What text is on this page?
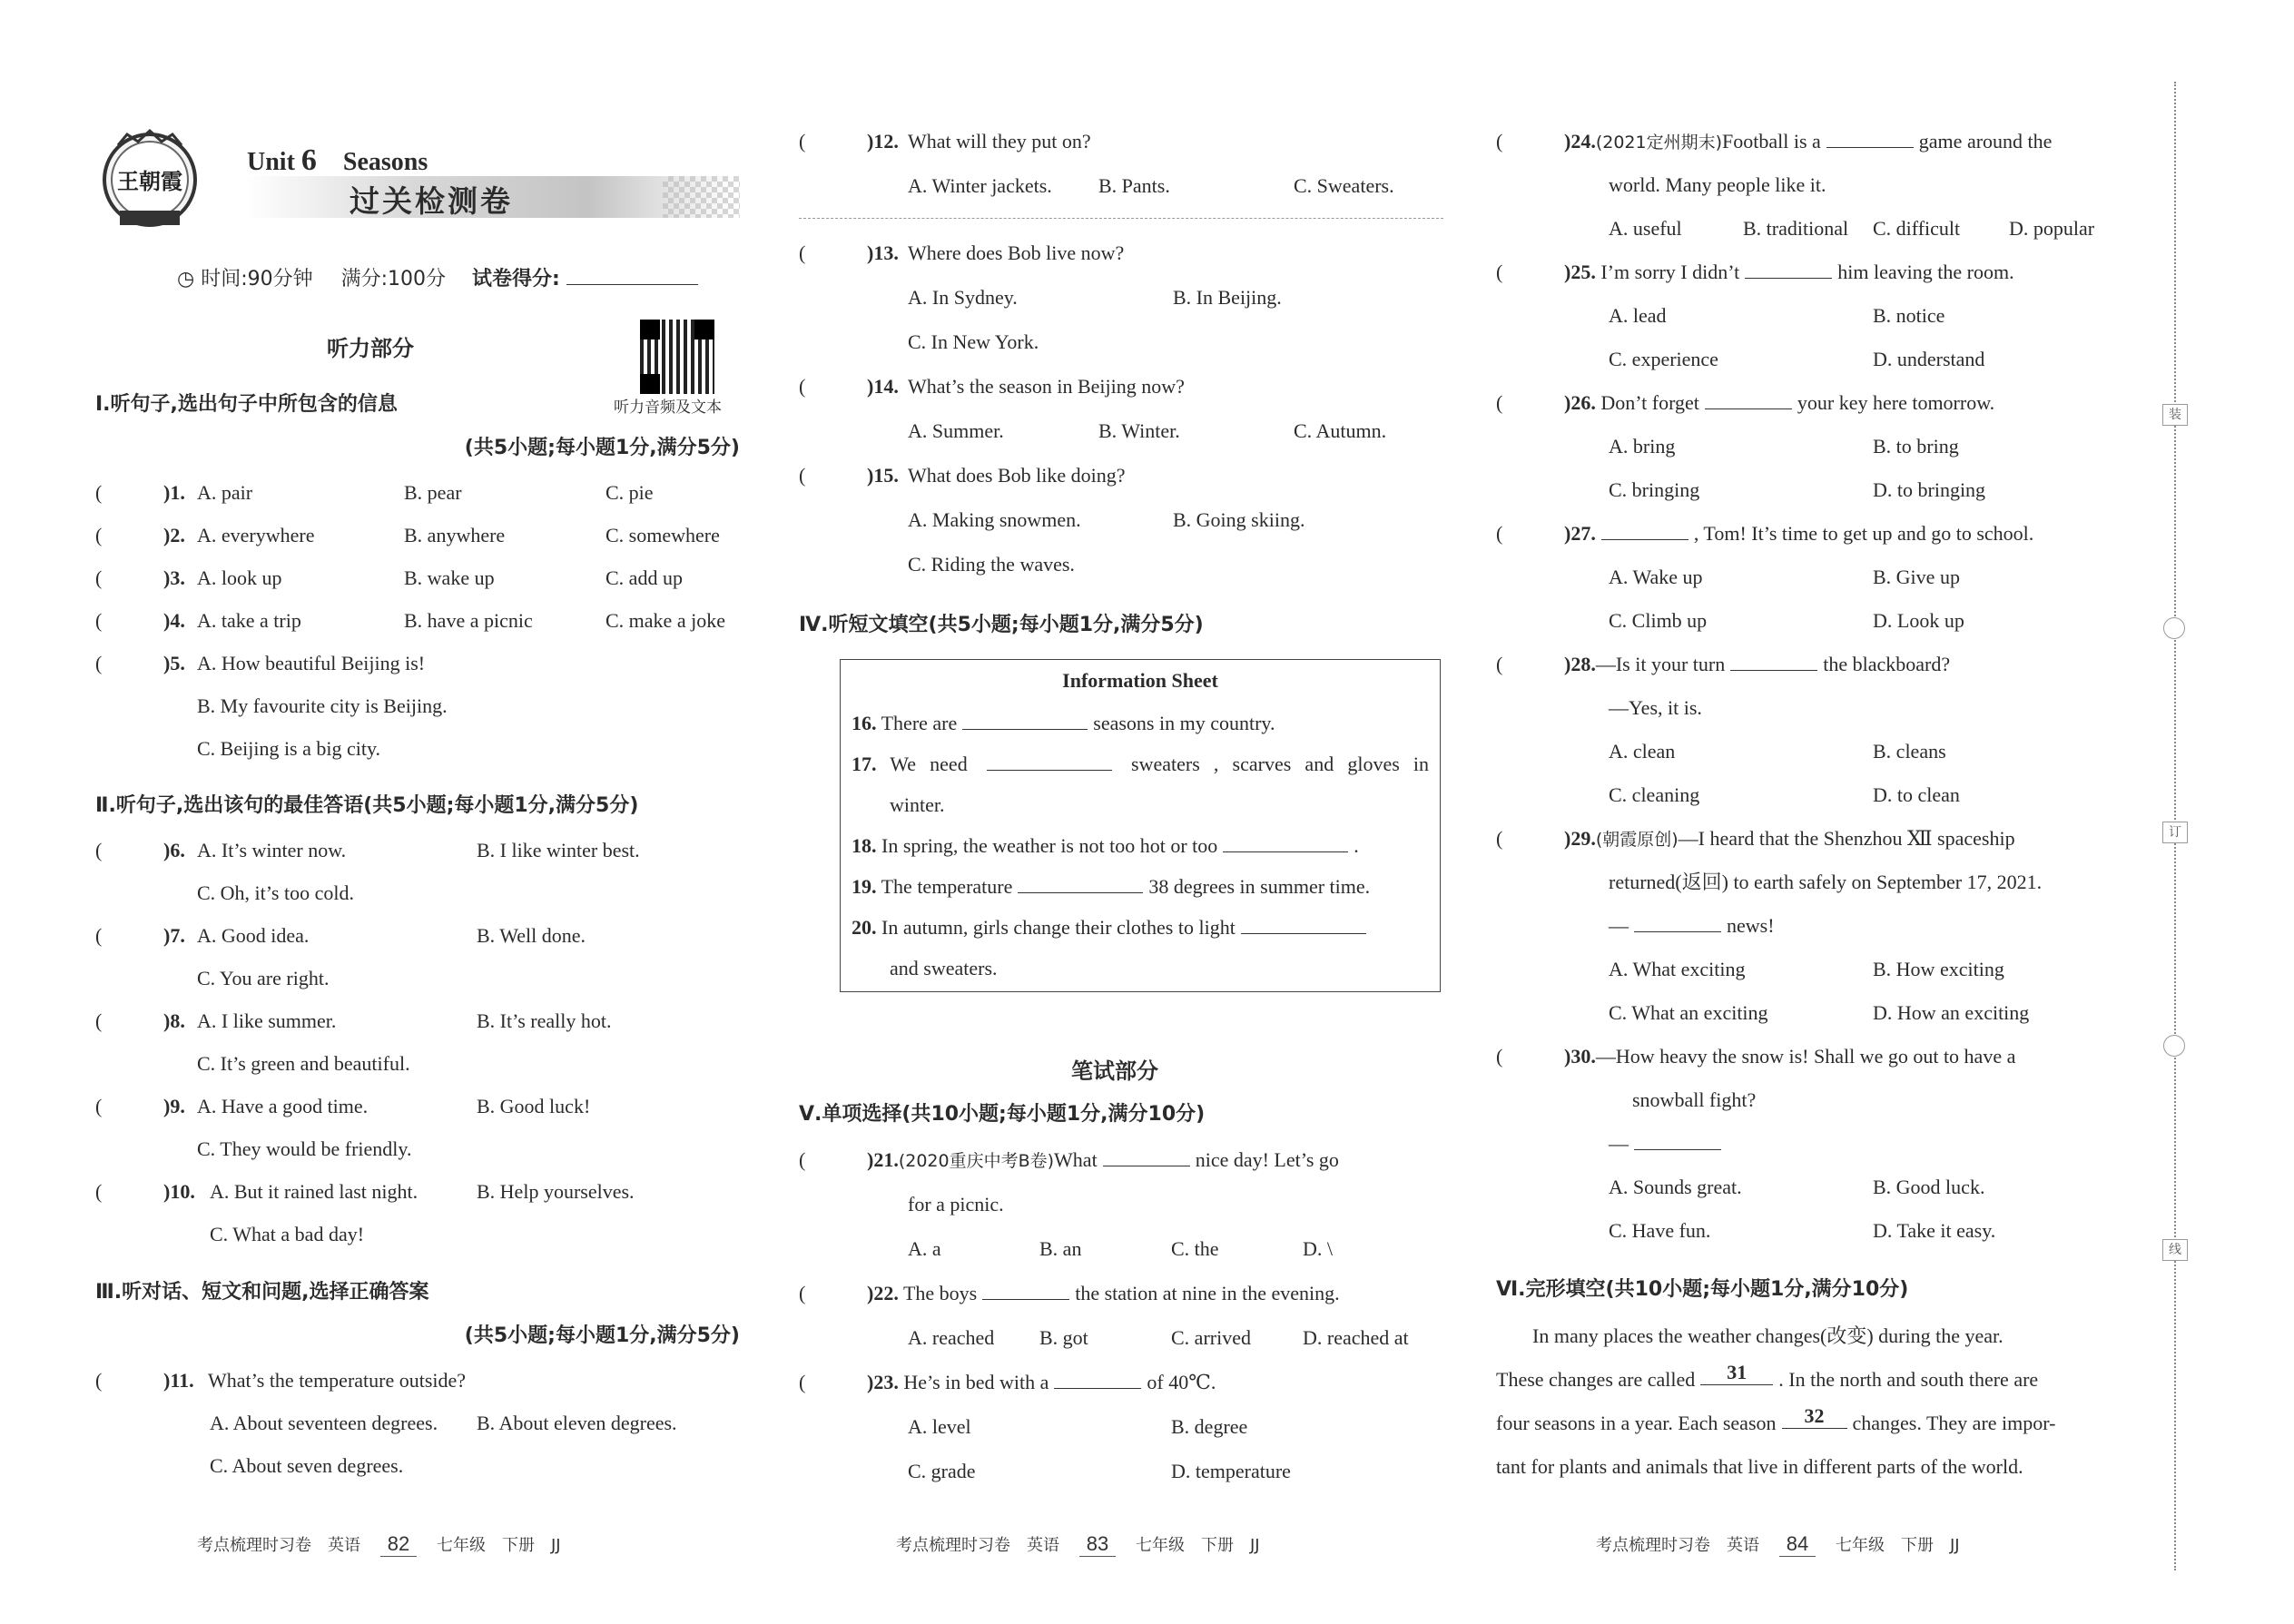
王朝霞
Unit 6 Seasons
过关检测卷
◷ 时间:90分钟 满分:100分 试卷得分:
听力部分
听力音频及文本
Ⅰ.听句子,选出句子中所包含的信息
(共5小题;每小题1分,满分5分)
(	)1. A. pair	B. pear	C. pie
(	)2. A. everywhere	B. anywhere	C. somewhere
(	)3. A. look up	B. wake up	C. add up
(	)4. A. take a trip	B. have a picnic	C. make a joke
(	)5. A. How beautiful Beijing is!
B. My favourite city is Beijing.
C. Beijing is a big city.
Ⅱ.听句子,选出该句的最佳答语(共5小题;每小题1分,满分5分)
(	)6. A. It’s winter now.	B. I like winter best.
C. Oh, it’s too cold.
(	)7. A. Good idea.	B. Well done.
C. You are right.
(	)8. A. I like summer.	B. It’s really hot.
C. It’s green and beautiful.
(	)9. A. Have a good time.	B. Good luck!
C. They would be friendly.
(	)10. A. But it rained last night.	B. Help yourselves.
C. What a bad day!
Ⅲ.听对话、短文和问题,选择正确答案
(共5小题;每小题1分,满分5分)
(	)11. What’s the temperature outside?
A. About seventeen degrees. B. About eleven degrees.
C. About seven degrees.
考点梳理时习卷　英语 82 七年级　下册　JJ
(	)12. What will they put on?
A. Winter jackets. B. Pants.	C. Sweaters.
(	)13. Where does Bob live now?
A. In Sydney.	B. In Beijing.
C. In New York.
(	)14. What’s the season in Beijing now?
A. Summer.	B. Winter.	C. Autumn.
(	)15. What does Bob like doing?
A. Making snowmen.	B. Going skiing.
C. Riding the waves.
Ⅳ.听短文填空(共5小题;每小题1分,满分5分)
Information Sheet
16. There are	seasons in my country.
17. We need	sweaters , scarves and gloves in
winter.
18. In spring, the weather is not too hot or too	.
19. The temperature	38 degrees in summer time.
20. In autumn, girls change their clothes to light
and sweaters.
笔试部分
Ⅴ.单项选择(共10小题;每小题1分,满分10分)
(	)21.(2020重庆中考B卷)What	nice day! Let’s go
for a picnic.
A. a	B. an	C. the	D. \
(	)22. The boys	the station at nine in the evening.
A. reached B. got	C. arrived	D. reached at
(	)23. He’s in bed with a	of 40℃.
A. level	B. degree
C. grade	D. temperature
考点梳理时习卷　英语 83 七年级　下册　JJ
(	)24.(2021定州期末)Football is a	game around the
world. Many people like it.
A. useful	B. traditional C. difficult D. popular
(	)25. I’m sorry I didn’t	him leaving the room.
A. lead	B. notice
C. experience	D. understand
(	)26. Don’t forget	your key here tomorrow.
A. bring	B. to bring
C. bringing	D. to bringing
(	)27.	, Tom! It’s time to get up and go to school.
A. Wake up	B. Give up
C. Climb up	D. Look up
(	)28.—Is it your turn	the blackboard?
—Yes, it is.
A. clean	B. cleans
C. cleaning	D. to clean
(	)29.(朝霞原创)—I heard that the Shenzhou Ⅻ spaceship
returned(返回) to earth safely on September 17, 2021.
—	news!
A. What exciting	B. How exciting
C. What an exciting	D. How an exciting
(	)30.—How heavy the snow is! Shall we go out to have a
snowball fight?
—
A. Sounds great.	B. Good luck.
C. Have fun.	D. Take it easy.
Ⅵ.完形填空(共10小题;每小题1分,满分10分)
In many places the weather changes(改变) during the year.
These changes are called 31 . In the north and south there are
four seasons in a year. Each season 32 changes. They are impor-
tant for plants and animals that live in different parts of the world.
考点梳理时习卷　英语 84 七年级　下册　JJ
装
订
线
